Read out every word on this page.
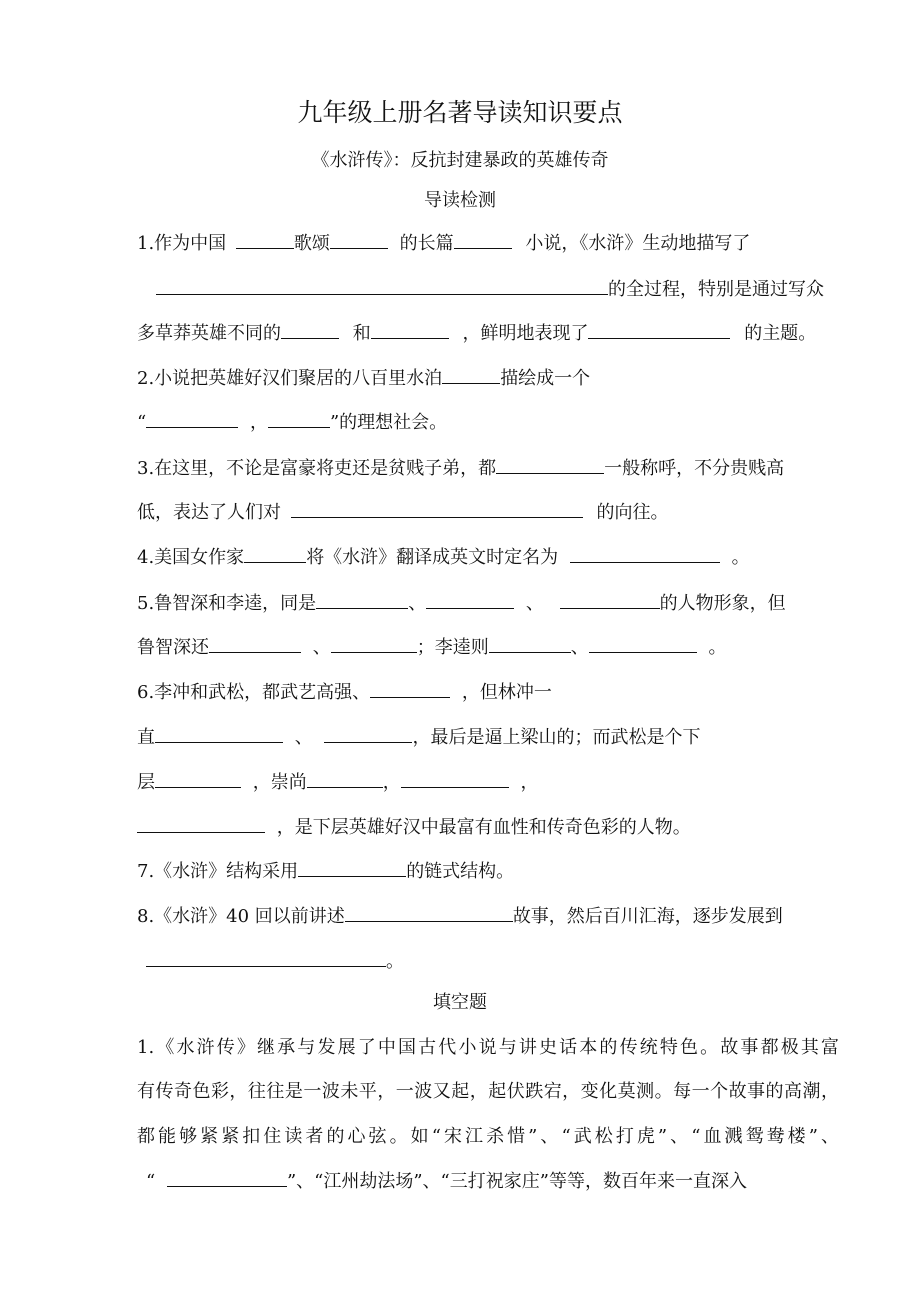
九年级上册名著导读知识要点
《水浒传》：反抗封建暴政的英雄传奇
导读检测
1.作为中国	歌颂	的长篇	小说，《水浒》生动地描写了
的全过程，特别是通过写众
多草莽英雄不同的	和	，鲜明地表现了	的主题。
2.小说把英雄好汉们聚居的八百里水泊	描绘成一个
“	，	”的理想社会。
3.在这里，不论是富豪将吏还是贫贱子弟，都	一般称呼，不分贵贱高
低，表达了人们对	的向往。
4.美国女作家	将《水浒》翻译成英文时定名为	。
5.鲁智深和李逵，同是	、	、	的人物形象，但
鲁智深还	、	；李逵则	、	。
6.李冲和武松，都武艺高强、	，但林冲一
直	、	，最后是逼上梁山的；而武松是个下
层	，崇尚	，	，
，是下层英雄好汉中最富有血性和传奇色彩的人物。
7.《水浒》结构采用	的链式结构。
8.《水浒》40 回以前讲述	故事，然后百川汇海，逐步发展到
。
填空题
1.《水浒传》继承与发展了中国古代小说与讲史话本的传统特色。故事都极其富
有传奇色彩，往往是一波未平，一波又起，起伏跌宕，变化莫测。每一个故事的高潮，
都能够紧紧扣住读者的心弦。如“宋江杀惜”、“武松打虎”、“血溅鸳鸯楼”、
“	”、“江州劫法场”、“三打祝家庄”等等，数百年来一直深入
